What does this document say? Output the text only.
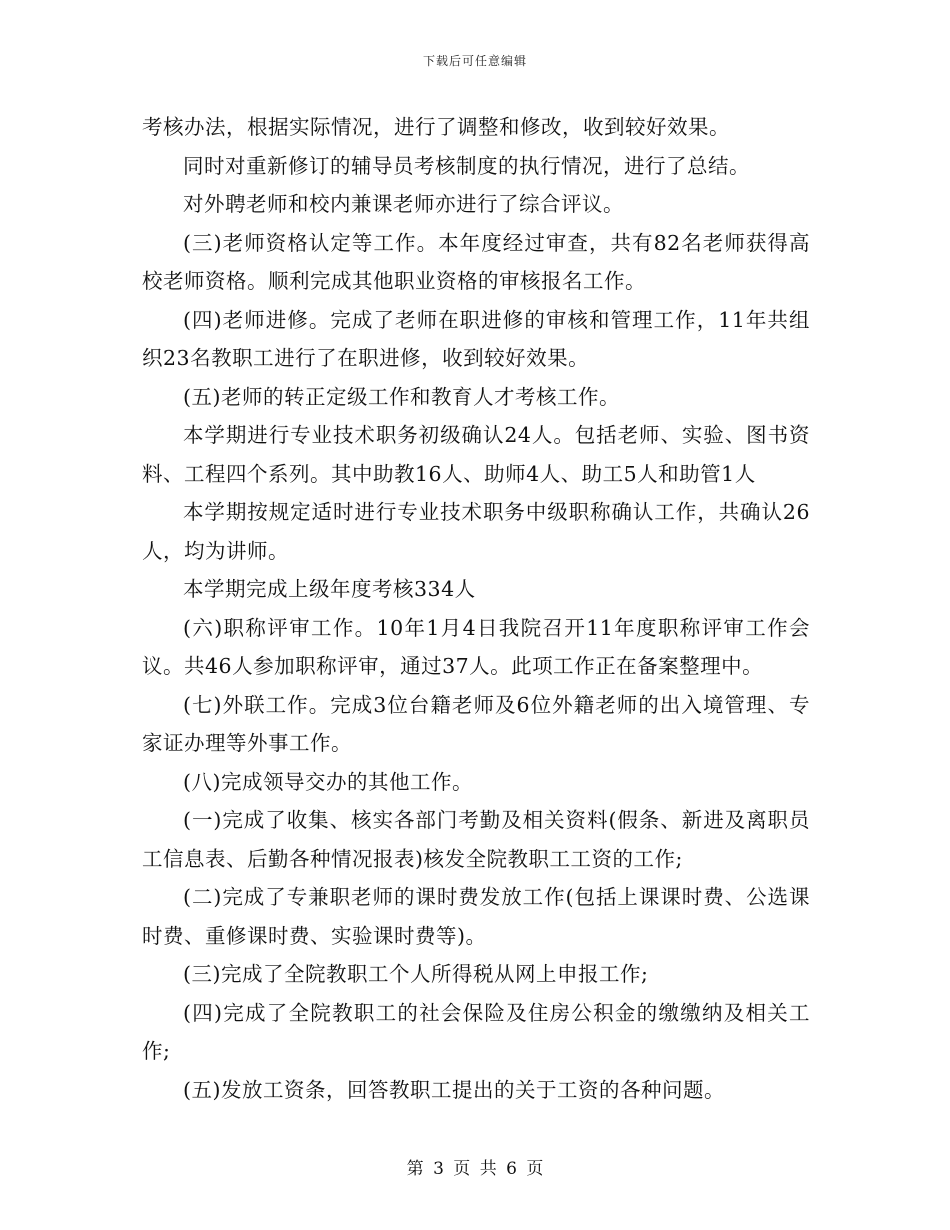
下载后可任意编辑

考核办法，根据实际情况，进行了调整和修改，收到较好效果。

同时对重新修订的辅导员考核制度的执行情况，进行了总结。

对外聘老师和校内兼课老师亦进行了综合评议。

(三)老师资格认定等工作。本年度经过审查，共有82名老师获得高校老师资格。顺利完成其他职业资格的审核报名工作。

(四)老师进修。完成了老师在职进修的审核和管理工作，11年共组织23名教职工进行了在职进修，收到较好效果。

(五)老师的转正定级工作和教育人才考核工作。

本学期进行专业技术职务初级确认24人。包括老师、实验、图书资料、工程四个系列。其中助教16人、助师4人、助工5人和助管1人

本学期按规定适时进行专业技术职务中级职称确认工作，共确认26人，均为讲师。

本学期完成上级年度考核334人

(六)职称评审工作。10年1月4日我院召开11年度职称评审工作会议。共46人参加职称评审，通过37人。此项工作正在备案整理中。

(七)外联工作。完成3位台籍老师及6位外籍老师的出入境管理、专家证办理等外事工作。

(八)完成领导交办的其他工作。

(一)完成了收集、核实各部门考勤及相关资料(假条、新进及离职员工信息表、后勤各种情况报表)核发全院教职工工资的工作;

(二)完成了专兼职老师的课时费发放工作(包括上课课时费、公选课时费、重修课时费、实验课时费等)。

(三)完成了全院教职工个人所得税从网上申报工作;

(四)完成了全院教职工的社会保险及住房公积金的缴缴纳及相关工作;

(五)发放工资条，回答教职工提出的关于工资的各种问题。

第 3 页 共 6 页
